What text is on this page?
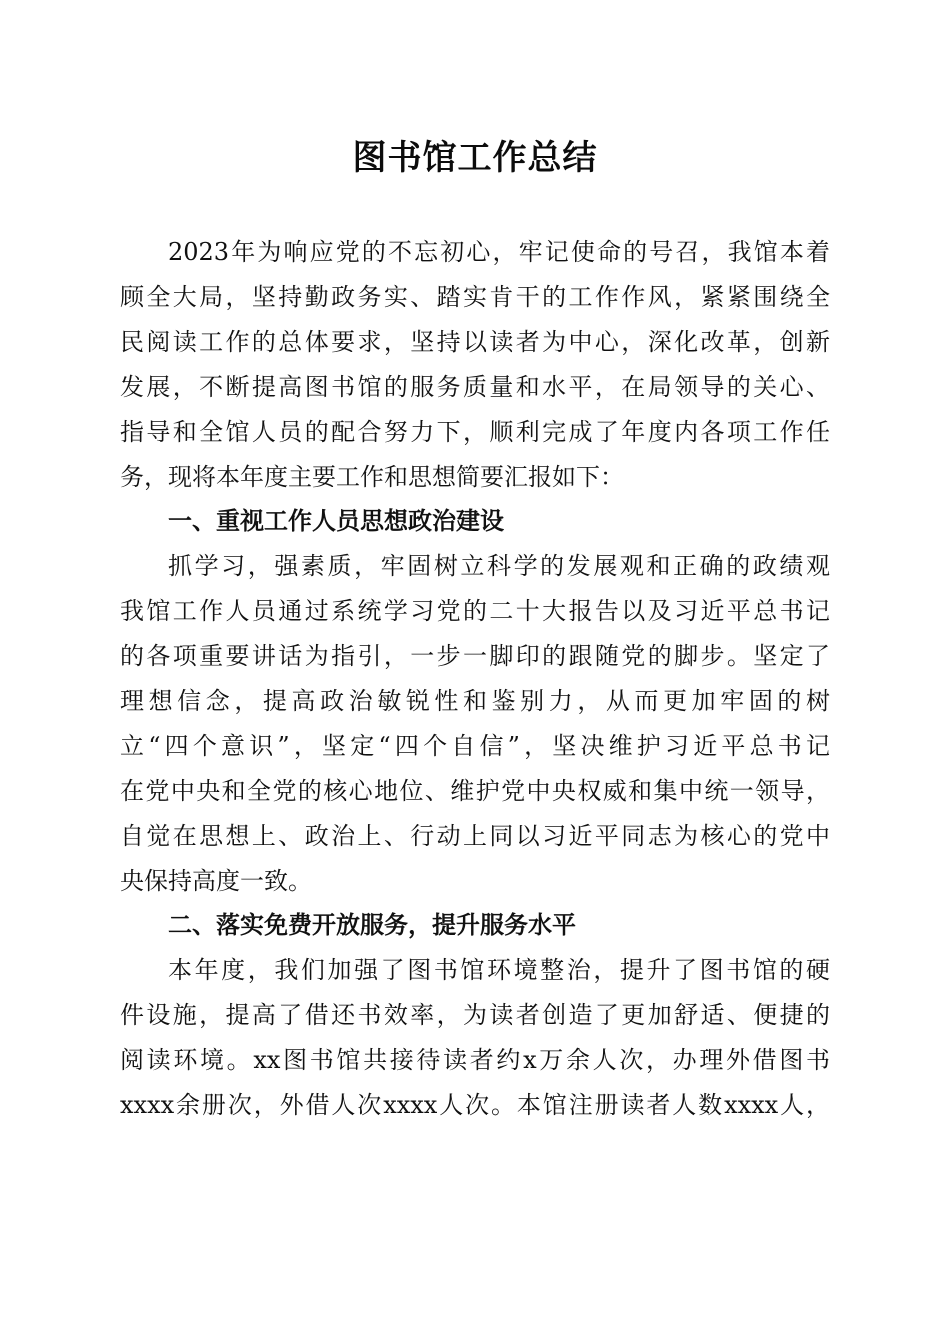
图书馆工作总结
2023年为响应党的不忘初心，牢记使命的号召，我馆本着
顾全大局，坚持勤政务实、踏实肯干的工作作风，紧紧围绕全
民阅读工作的总体要求，坚持以读者为中心，深化改革，创新
发展，不断提高图书馆的服务质量和水平，在局领导的关心、
指导和全馆人员的配合努力下，顺利完成了年度内各项工作任
务，现将本年度主要工作和思想简要汇报如下：
一、重视工作人员思想政治建设
抓学习，强素质，牢固树立科学的发展观和正确的政绩观
我馆工作人员通过系统学习党的二十大报告以及习近平总书记
的各项重要讲话为指引，一步一脚印的跟随党的脚步。坚定了
理想信念，提高政治敏锐性和鉴别力，从而更加牢固的树
立“四个意识”，坚定“四个自信”，坚决维护习近平总书记
在党中央和全党的核心地位、维护党中央权威和集中统一领导，
自觉在思想上、政治上、行动上同以习近平同志为核心的党中
央保持高度一致。
二、落实免费开放服务，提升服务水平
本年度，我们加强了图书馆环境整治，提升了图书馆的硬
件设施，提高了借还书效率，为读者创造了更加舒适、便捷的
阅读环境。xx图书馆共接待读者约x万余人次，办理外借图书
xxxx余册次，外借人次xxxx人次。本馆注册读者人数xxxx人，
